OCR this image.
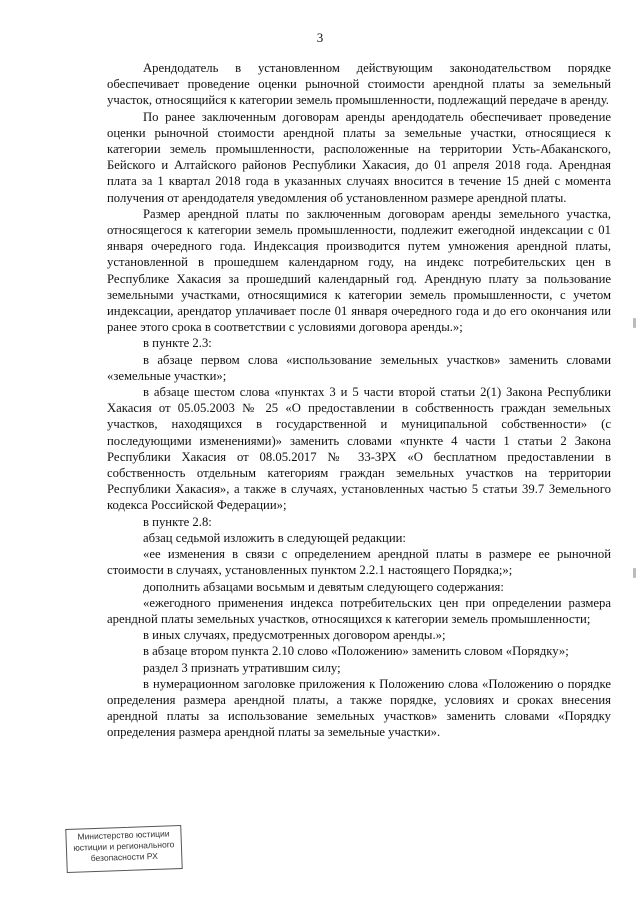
3

Арендодатель в установленном действующим законодательством порядке обеспечивает проведение оценки рыночной стоимости арендной платы за земельный участок, относящийся к категории земель промышленности, подлежащий передаче в аренду.

По ранее заключенным договорам аренды арендодатель обеспечивает проведение оценки рыночной стоимости арендной платы за земельные участки, относящиеся к категории земель промышленности, расположенные на территории Усть-Абаканского, Бейского и Алтайского районов Республики Хакасия, до 01 апреля 2018 года. Арендная плата за 1 квартал 2018 года в указанных случаях вносится в течение 15 дней с момента получения от арендодателя уведомления об установленном размере арендной платы.

Размер арендной платы по заключенным договорам аренды земельного участка, относящегося к категории земель промышленности, подлежит ежегодной индексации с 01 января очередного года. Индексация производится путем умножения арендной платы, установленной в прошедшем календарном году, на индекс потребительских цен в Республике Хакасия за прошедший календарный год. Арендную плату за пользование земельными участками, относящимися к категории земель промышленности, с учетом индексации, арендатор уплачивает после 01 января очередного года и до его окончания или ранее этого срока в соответствии с условиями договора аренды.»;

в пункте 2.3:

в абзаце первом слова «использование земельных участков» заменить словами «земельные участки»;

в абзаце шестом слова «пунктах 3 и 5 части второй статьи 2(1) Закона Республики Хакасия от 05.05.2003 № 25 «О предоставлении в собственность граждан земельных участков, находящихся в государственной и муниципальной собственности» (с последующими изменениями)» заменить словами «пункте 4 части 1 статьи 2 Закона Республики Хакасия от 08.05.2017 № 33-ЗРХ «О бесплатном предоставлении в собственность отдельным категориям граждан земельных участков на территории Республики Хакасия», а также в случаях, установленных частью 5 статьи 39.7 Земельного кодекса Российской Федерации»;

в пункте 2.8:

абзац седьмой изложить в следующей редакции:

«ее изменения в связи с определением арендной платы в размере ее рыночной стоимости в случаях, установленных пунктом 2.2.1 настоящего Порядка;»;

дополнить абзацами восьмым и девятым следующего содержания:

«ежегодного применения индекса потребительских цен при определении размера арендной платы земельных участков, относящихся к категории земель промышленности;

в иных случаях, предусмотренных договором аренды.»;

в абзаце втором пункта 2.10 слово «Положению» заменить словом «Порядку»;

раздел 3 признать утратившим силу;

в нумерационном заголовке приложения к Положению слова «Положению о порядке определения размера арендной платы, а также порядке, условиях и сроках внесения арендной платы за использование земельных участков» заменить словами «Порядку определения размера арендной платы за земельные участки».

Министерство юстиции
юстиции и регионального
безопасности РХ
